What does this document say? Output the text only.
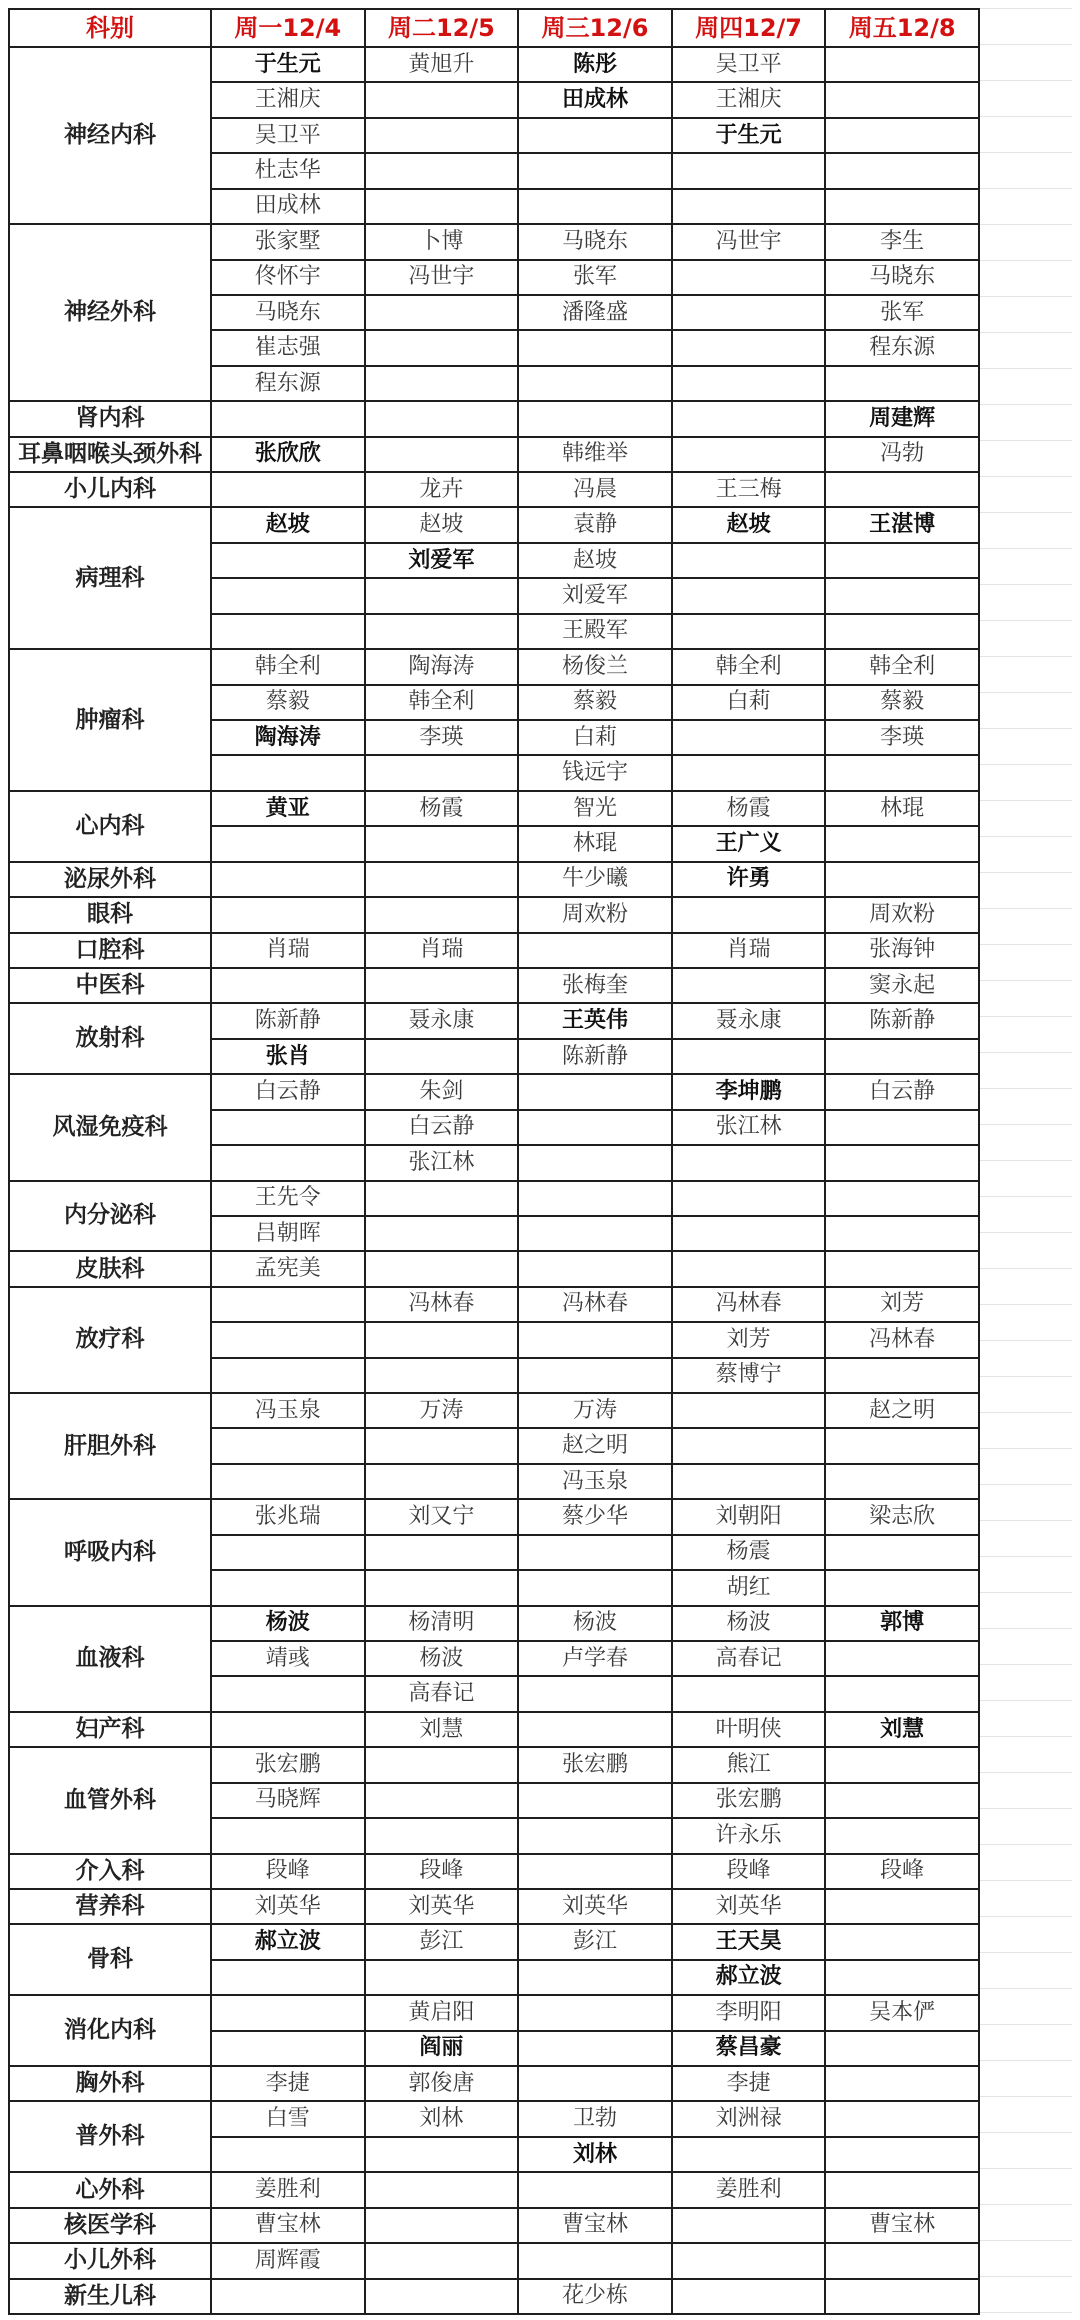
科别	周一12/4	周二12/5	周三12/6	周四12/7	周五12/8
神经内科	于生元	黄旭升	陈彤	吴卫平	
	王湘庆		田成林	王湘庆	
	吴卫平			于生元	
	杜志华				
	田成林				
神经外科	张家墅	卜博	马晓东	冯世宇	李生
	佟怀宇	冯世宇	张军		马晓东
	马晓东		潘隆盛		张军
	崔志强				程东源
	程东源				
肾内科					周建辉
耳鼻咽喉头颈外科	张欣欣		韩维举		冯勃
小儿内科		龙卉	冯晨	王三梅	
病理科	赵坡	赵坡	袁静	赵坡	王湛博
		刘爱军	赵坡		
			刘爱军		
			王殿军		
肿瘤科	韩全利	陶海涛	杨俊兰	韩全利	韩全利
	蔡毅	韩全利	蔡毅	白莉	蔡毅
	陶海涛	李瑛	白莉		李瑛
			钱远宇		
心内科	黄亚	杨霞	智光	杨霞	林琨
			林琨	王广义	
泌尿外科			牛少曦	许勇	
眼科			周欢粉		周欢粉
口腔科	肖瑞	肖瑞		肖瑞	张海钟
中医科			张梅奎		窦永起
放射科	陈新静	聂永康	王英伟	聂永康	陈新静
	张肖		陈新静		
风湿免疫科	白云静	朱剑		李坤鹏	白云静
		白云静		张江林	
		张江林			
内分泌科	王先令				
	吕朝晖				
皮肤科	孟宪美				
放疗科		冯林春	冯林春	冯林春	刘芳
				刘芳	冯林春
				蔡博宁	
肝胆外科	冯玉泉	万涛	万涛		赵之明
			赵之明		
			冯玉泉		
呼吸内科	张兆瑞	刘又宁	蔡少华	刘朝阳	梁志欣
				杨震	
				胡红	
血液科	杨波	杨清明	杨波	杨波	郭博
	靖彧	杨波	卢学春	高春记	
		高春记			
妇产科		刘慧		叶明侠	刘慧
血管外科	张宏鹏		张宏鹏	熊江	
	马晓辉			张宏鹏	
				许永乐	
介入科	段峰	段峰		段峰	段峰
营养科	刘英华	刘英华	刘英华	刘英华	
骨科	郝立波	彭江	彭江	王天昊	
				郝立波	
消化内科		黄启阳		李明阳	吴本俨
		阎丽		蔡昌豪	
胸外科	李捷	郭俊唐		李捷	
普外科	白雪	刘林	卫勃	刘洲禄	
			刘林		
心外科	姜胜利			姜胜利	
核医学科	曹宝林		曹宝林		曹宝林
小儿外科	周辉霞				
新生儿科			花少栋		
